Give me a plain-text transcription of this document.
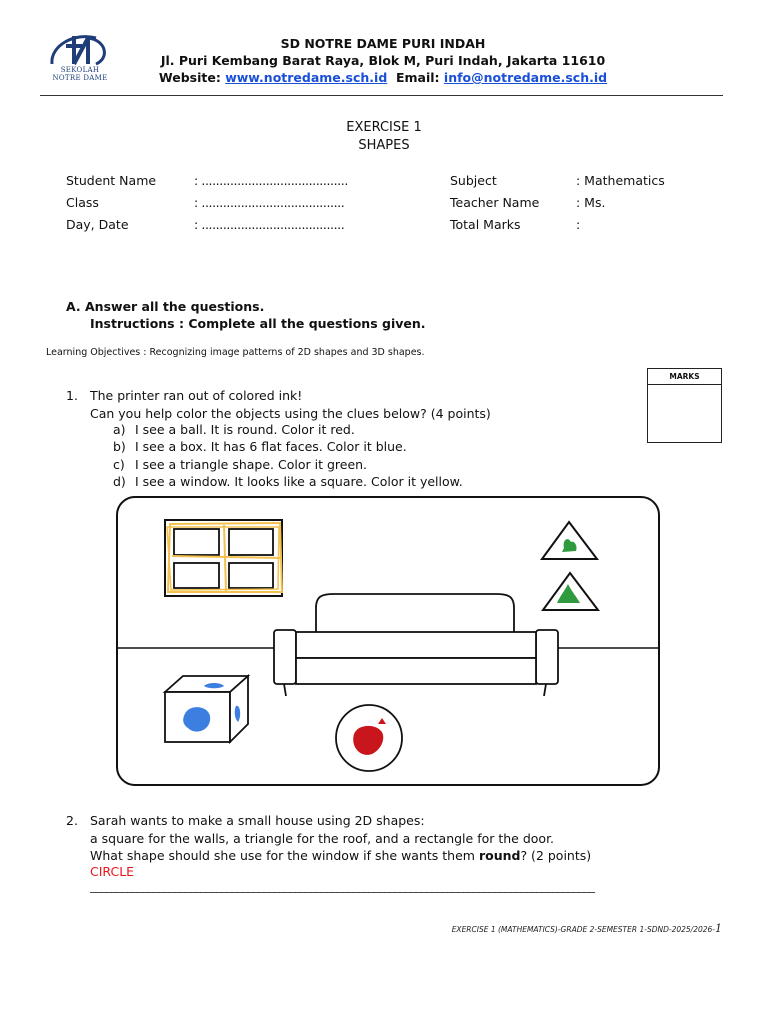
SEKOLAH
NOTRE DAME
SD NOTRE DAME PURI INDAH
Jl. Puri Kembang Barat Raya, Blok M, Puri Indah, Jakarta 11610
Website: www.notredame.sch.id Email: info@notredame.sch.id
EXERCISE 1
SHAPES
Student Name	: .........................................
Class	: ........................................
Day, Date	: ........................................
Subject	: Mathematics
Teacher Name	: Ms.
Total Marks	:
A. Answer all the questions.
Instructions : Complete all the questions given.
Learning Objectives : Recognizing image patterns of 2D shapes and 3D shapes.
MARKS
1. The printer ran out of colored ink!
Can you help color the objects using the clues below? (4 points)
a) I see a ball. It is round. Color it red.
b) I see a box. It has 6 flat faces. Color it blue.
c) I see a triangle shape. Color it green.
d) I see a window. It looks like a square. Color it yellow.
2. Sarah wants to make a small house using 2D shapes:
a square for the walls, a triangle for the roof, and a rectangle for the door.
What shape should she use for the window if she wants them round? (2 points)
CIRCLE
________________________________________________________________________________________________
EXERCISE 1 (MATHEMATICS)-GRADE 2-SEMESTER 1-SDND-2025/2026-1
